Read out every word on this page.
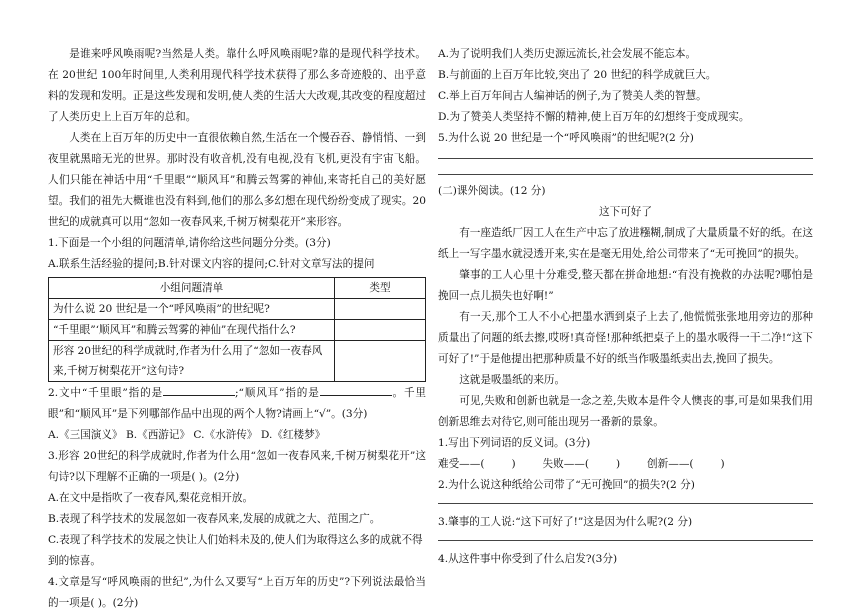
是谁来呼风唤雨呢?当然是人类。靠什么呼风唤雨呢?靠的是现代科学技术。在 20世纪 100年时间里,人类利用现代科学技术获得了那么多奇迹般的、出乎意料的发现和发明。正是这些发现和发明,使人类的生活大大改观,其改变的程度超过了人类历史上上百万年的总和。

人类在上百万年的历史中一直很依赖自然,生活在一个慢吞吞、静悄悄、一到夜里就黑暗无光的世界。那时没有收音机,没有电视,没有飞机,更没有宇宙飞船。人们只能在神话中用“千里眼”“顺风耳”和腾云驾雾的神仙,来寄托自己的美好愿望。我们的祖先大概谁也没有料到,他们的那么多幻想在现代纷纷变成了现实。20 世纪的成就真可以用“忽如一夜春风来,千树万树梨花开”来形容。

1.下面是一个小组的问题清单,请你给这些问题分分类。(3分)

A.联系生活经验的提问;B.针对课文内容的提问;C.针对文章写法的提问

小组问题清单	类型
为什么说 20 世纪是一个“呼风唤雨”的世纪呢?	
“千里眼”‘顺风耳”和腾云驾雾的神仙”在现代指什么?	
形容 20世纪的科学成就时,作者为什么用了“忽如一夜春风来,千树万树梨花开”这句诗?	

2.文中“千里眼”指的是	;“顺风耳”指的是	。千里眼”和“顺风耳”是下列哪部作品中出现的两个人物?请画上“√”。(3分)

A.《三国演义》 B.《西游记》 C.《水浒传》 D.《红楼梦》

3.形容 20世纪的科学成就时,作者为什么用“忽如一夜春风来,千树万树梨花开”这句诗?以下理解不正确的一项是( )。(2分)

A.在文中是指吹了一夜春风,梨花竞相开放。

B.表现了科学技术的发展忽如一夜春风来,发展的成就之大、范围之广。

C.表现了科学技术的发展之快让人们始料未及的,使人们为取得这么多的成就不得到的惊喜。

4.文章是写“呼风唤雨的世纪”,为什么又要写“上百万年的历史”?下列说法最恰当的一项是( )。(2分)

A.为了说明我们人类历史源远流长,社会发展不能忘本。

B.与前面的上百万年比较,突出了 20 世纪的科学成就巨大。

C.举上百万年间古人编神话的例子,为了赞美人类的智慧。

D.为了赞美人类坚持不懈的精神,使上百万年的幻想终于变成现实。

5.为什么说 20 世纪是一个“呼风唤雨”的世纪呢?(2 分)

(二)课外阅读。(12 分)

这下可好了

有一座造纸厂因工人在生产中忘了放进糨糊,制成了大量质量不好的纸。在这纸上一写字墨水就浸透开来,实在是毫无用处,给公司带来了“无可挽回”的损失。

肇事的工人心里十分难受,整天都在拼命地想:“有没有挽救的办法呢?哪怕是挽回一点儿损失也好啊!”

有一天,那个工人不小心把墨水洒到桌子上去了,他慌慌张张地用旁边的那种质量出了问题的纸去擦,哎呀!真奇怪!那种纸把桌子上的墨水吸得一干二净!“这下可好了!”于是他提出把那种质量不好的纸当作吸墨纸卖出去,挽回了损失。

这就是吸墨纸的来历。

可见,失败和创新也就是一念之差,失败本是件令人懊丧的事,可是如果我们用创新思维去对待它,则可能出现另一番新的景象。

1.写出下列词语的反义词。(3分)

难受——(        )        失败——(        )        创新——(        )

2.为什么说这种纸给公司带了“无可挽回”的损失?(2 分)

3.肇事的工人说:“这下可好了!”这是因为什么呢?(2 分)

4.从这件事中你受到了什么启发?(3分)
